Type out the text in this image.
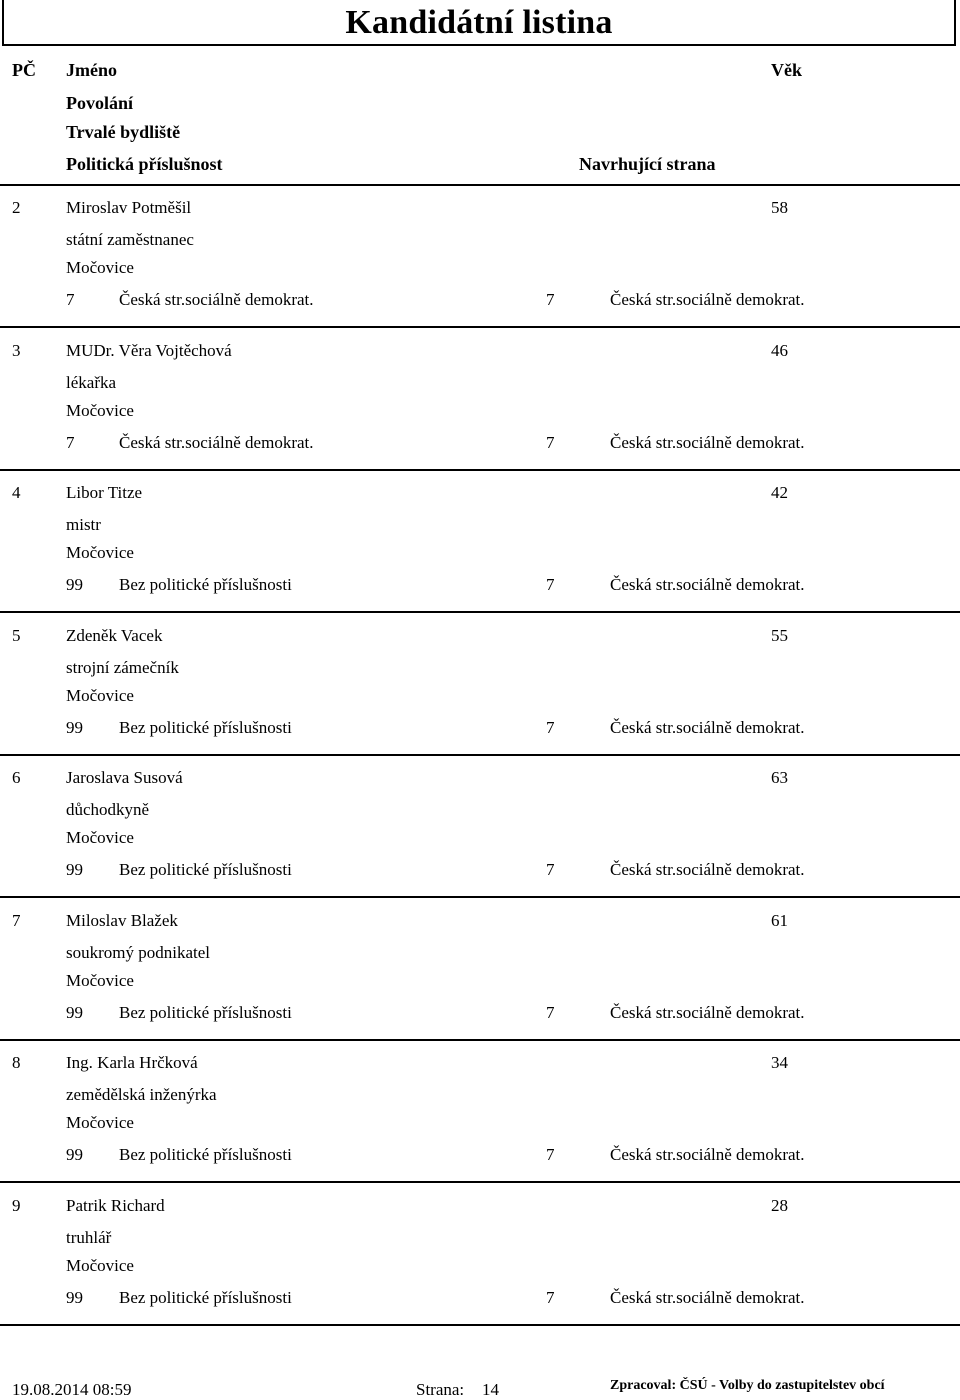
Kandidátní listina
PČ Jméno	Věk
Povolání
Trvalé bydliště
Politická příslušnost	Navrhující strana
2	Miroslav Potměšil	58
státní zaměstnanec
Močovice
7	Česká str.sociálně demokrat.	7	Česká str.sociálně demokrat.
3	MUDr. Věra Vojtěchová	46
lékařka
Močovice
7	Česká str.sociálně demokrat.	7	Česká str.sociálně demokrat.
4	Libor Titze	42
mistr
Močovice
99 Bez politické příslušnosti	7	Česká str.sociálně demokrat.
5	Zdeněk Vacek	55
strojní zámečník
Močovice
99 Bez politické příslušnosti	7	Česká str.sociálně demokrat.
6	Jaroslava Susová	63
důchodkyně
Močovice
99 Bez politické příslušnosti	7	Česká str.sociálně demokrat.
7	Miloslav Blažek	61
soukromý podnikatel
Močovice
99 Bez politické příslušnosti	7	Česká str.sociálně demokrat.
8	Ing. Karla Hrčková	34
zemědělská inženýrka
Močovice
99 Bez politické příslušnosti	7	Česká str.sociálně demokrat.
9	Patrik Richard	28
truhlář
Močovice
99 Bez politické příslušnosti	7	Česká str.sociálně demokrat.
19.08.2014 08:59	Strana: 14	Zpracoval: ČSÚ - Volby do zastupitelstev obcí
